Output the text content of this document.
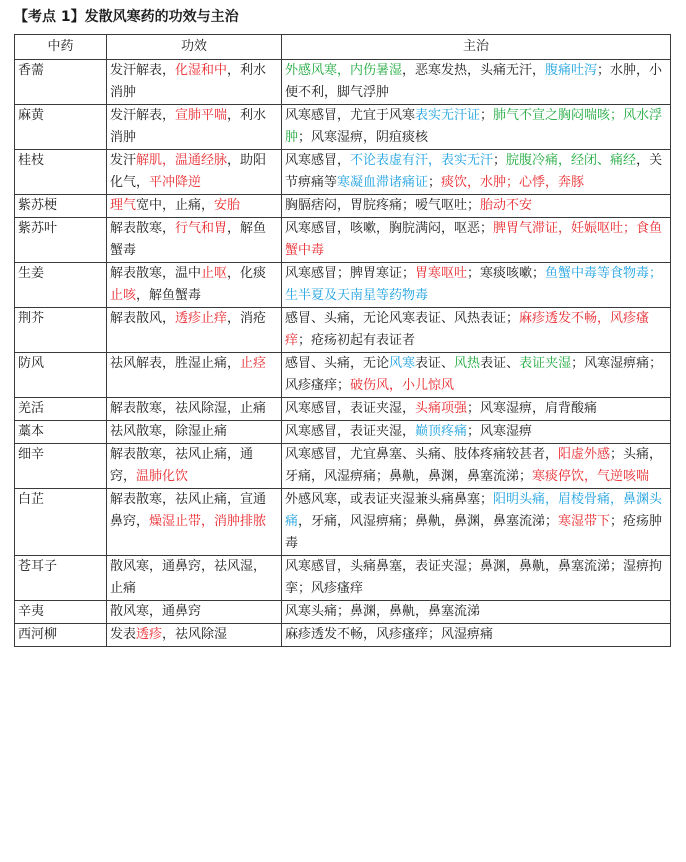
【考点 1】发散风寒药的功效与主治
中药	功效	主治
香薷	发汗解表，化湿和中，利水消肿	外感风寒，内伤暑湿，恶寒发热，头痛无汗，腹痛吐泻；水肿，小便不利，脚气浮肿
麻黄	发汗解表，宣肺平喘，利水消肿	风寒感冒，尤宜于风寒表实无汗证；肺气不宣之胸闷喘咳；风水浮肿；风寒湿痹，阴疽痰核
桂枝	发汗解肌，温通经脉，助阳化气，平冲降逆	风寒感冒，不论表虚有汗，表实无汗；脘腹冷痛，经闭、痛经，关节痹痛等寒凝血滞诸痛证；痰饮，水肿；心悸，奔豚
紫苏梗	理气宽中，止痛，安胎	胸膈痞闷，胃脘疼痛；嗳气呕吐；胎动不安
紫苏叶	解表散寒，行气和胃，解鱼蟹毒	风寒感冒，咳嗽，胸脘满闷，呕恶；脾胃气滞证，妊娠呕吐；食鱼蟹中毒
生姜	解表散寒，温中止呕，化痰止咳，解鱼蟹毒	风寒感冒；脾胃寒证；胃寒呕吐；寒痰咳嗽；鱼蟹中毒等食物毒；生半夏及天南星等药物毒
荆芥	解表散风，透疹止痒，消疮	感冒、头痛，无论风寒表证、风热表证；麻疹透发不畅，风疹瘙痒；疮疡初起有表证者
防风	祛风解表，胜湿止痛，止痉	感冒、头痛，无论风寒表证、风热表证、表证夹湿；风寒湿痹痛；风疹瘙痒；破伤风，小儿惊风
羌活	解表散寒，祛风除湿，止痛	风寒感冒，表证夹湿，头痛项强；风寒湿痹，肩背酸痛
藁本	祛风散寒，除湿止痛	风寒感冒，表证夹湿，巅顶疼痛；风寒湿痹
细辛	解表散寒，祛风止痛，通窍，温肺化饮	风寒感冒，尤宜鼻塞、头痛、肢体疼痛较甚者，阳虚外感；头痛，牙痛，风湿痹痛；鼻鼽，鼻渊，鼻塞流涕；寒痰停饮，气逆咳喘
白芷	解表散寒，祛风止痛，宣通鼻窍，燥湿止带，消肿排脓	外感风寒，或表证夹湿兼头痛鼻塞；阳明头痛，眉棱骨痛，鼻渊头痛，牙痛，风湿痹痛；鼻鼽，鼻渊，鼻塞流涕；寒湿带下；疮疡肿毒
苍耳子	散风寒，通鼻窍，祛风湿，止痛	风寒感冒，头痛鼻塞，表证夹湿；鼻渊，鼻鼽，鼻塞流涕；湿痹拘挛；风疹瘙痒
辛夷	散风寒，通鼻窍	风寒头痛；鼻渊，鼻鼽，鼻塞流涕
西河柳	发表透疹，祛风除湿	麻疹透发不畅，风疹瘙痒；风湿痹痛
